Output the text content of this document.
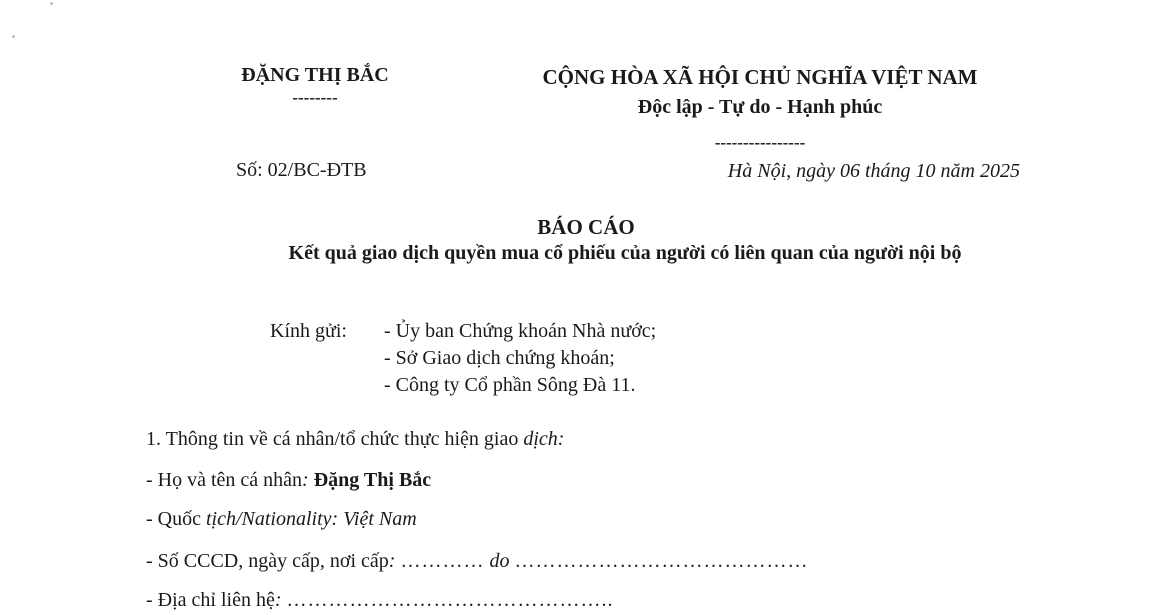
ĐẶNG THỊ BẮC
--------
CỘNG HÒA XÃ HỘI CHỦ NGHĨA VIỆT NAM
Độc lập - Tự do - Hạnh phúc
----------------
Số: 02/BC-ĐTB	Hà Nội, ngày 06 tháng 10 năm 2025
BÁO CÁO
Kết quả giao dịch quyền mua cổ phiếu của người có liên quan của người nội bộ
Kính gửi: - Ủy ban Chứng khoán Nhà nước;
- Sở Giao dịch chứng khoán;
- Công ty Cổ phần Sông Đà 11.
1. Thông tin về cá nhân/tổ chức thực hiện giao dịch:
- Họ và tên cá nhân: Đặng Thị Bắc
- Quốc tịch/Nationality: Việt Nam
- Số CCCD, ngày cấp, nơi cấp: ………… do ……………………………………
- Địa chỉ liên hệ: ………………………………………..
